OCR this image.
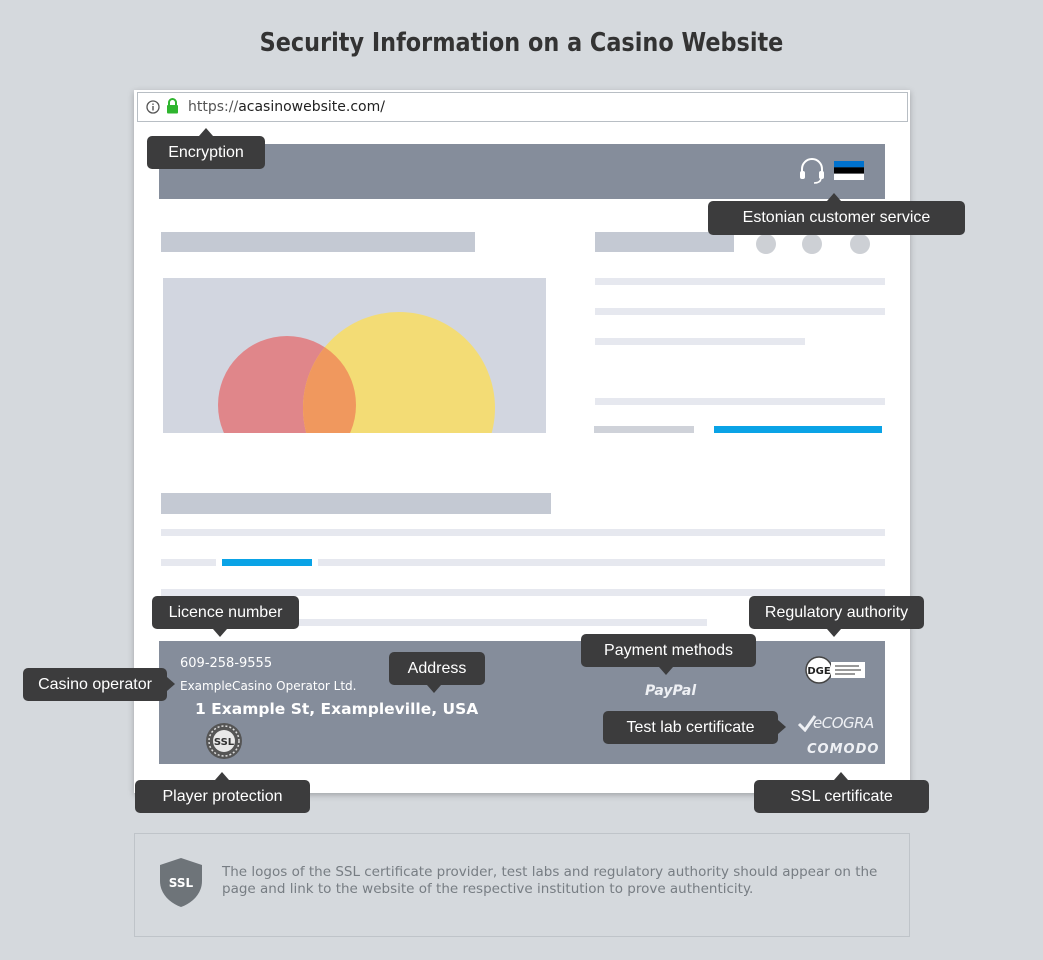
Security Information on a Casino Website
https://acasinowebsite.com/
609-258-9555
ExampleCasino Operator Ltd.
1 Example St, Exampleville, USA
SSL
PayPal
DGE
eCOGRA
COMODO
Encryption
Estonian customer service
Licence number	Regulatory authority
Payment methods
Address
Casino operator
Test lab certificate
Player protection	SSL certificate
SSL
The logos of the SSL certificate provider, test labs and regulatory authority should appear on the page and link to the website of the respective institution to prove authenticity.
